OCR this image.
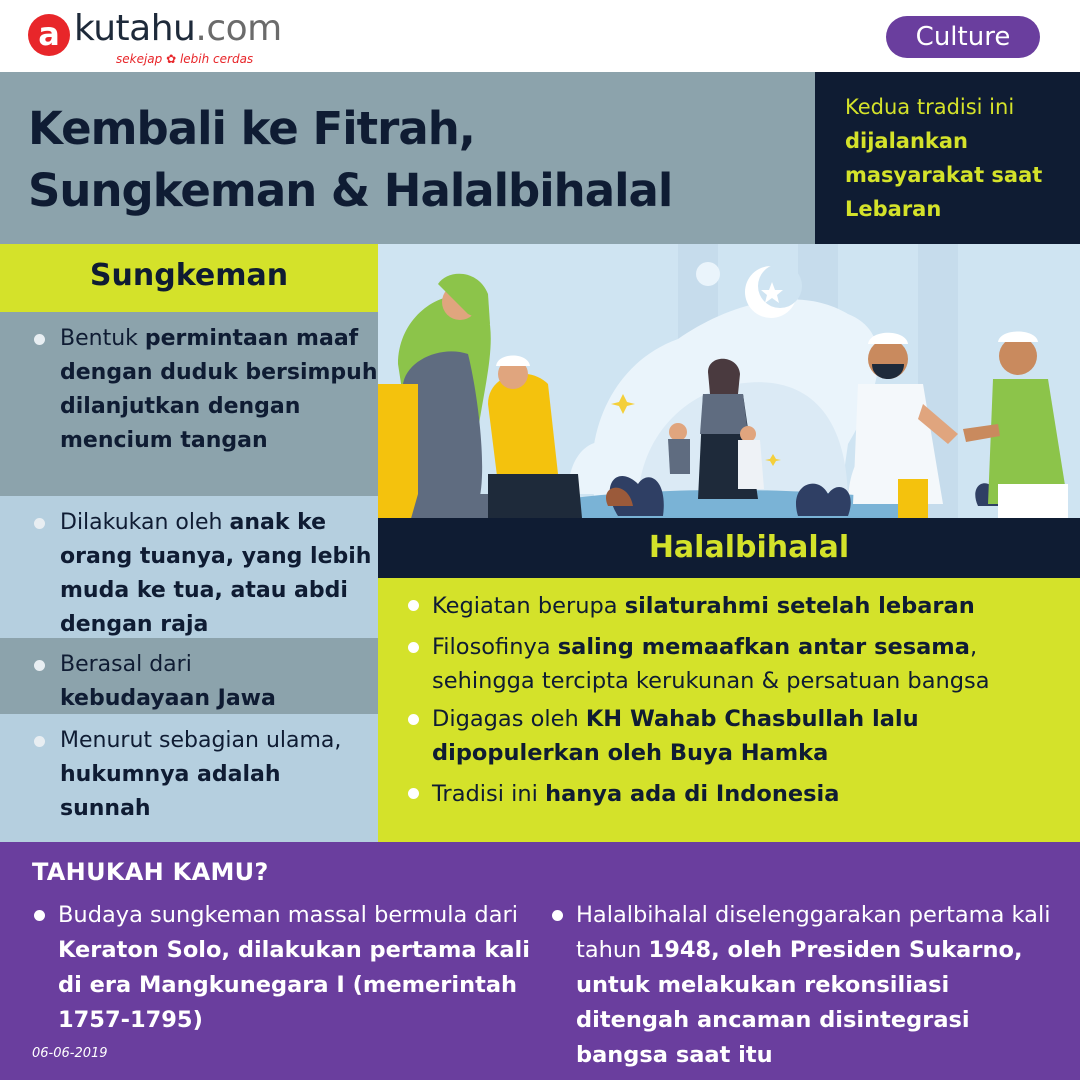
a kutahu.com
sekejap ✿ lebih cerdas
Culture
Kembali ke Fitrah,
Sungkeman & Halalbihalal
Kedua tradisi ini dijalankan masyarakat saat Lebaran
Sungkeman
Bentuk permintaan maaf dengan duduk bersimpuh dilanjutkan dengan mencium tangan
Dilakukan oleh anak ke orang tuanya, yang lebih muda ke tua, atau abdi dengan raja
Berasal dari
kebudayaan Jawa
Menurut sebagian ulama, hukumnya adalah sunnah
Halalbihalal
Kegiatan berupa silaturahmi setelah lebaran
Filosofinya saling memaafkan antar sesama, sehingga tercipta kerukunan & persatuan bangsa
Digagas oleh KH Wahab Chasbullah lalu dipopulerkan oleh Buya Hamka
Tradisi ini hanya ada di Indonesia
TAHUKAH KAMU?
Budaya sungkeman massal bermula dari Keraton Solo, dilakukan pertama kali di era Mangkunegara I (memerintah 1757-1795)
Halalbihalal diselenggarakan pertama kali tahun 1948, oleh Presiden Sukarno, untuk melakukan rekonsiliasi ditengah ancaman disintegrasi bangsa saat itu
06-06-2019
